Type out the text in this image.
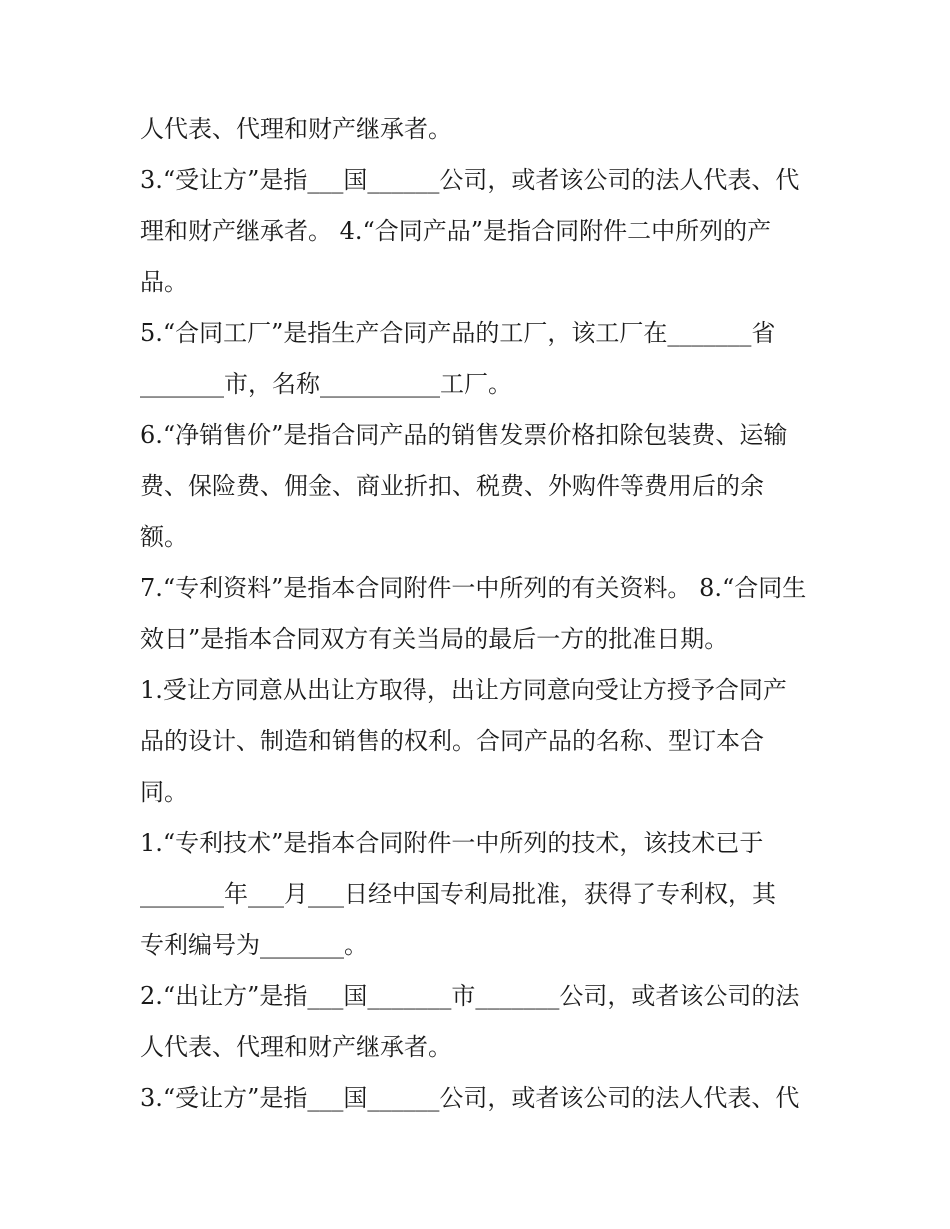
人代表、代理和财产继承者。
3.“受让方”是指___国______公司，或者该公司的法人代表、代
理和财产继承者。 4.“合同产品”是指合同附件二中所列的产
品。
5.“合同工厂”是指生产合同产品的工厂，该工厂在_______省
_______市，名称__________工厂。
6.“净销售价”是指合同产品的销售发票价格扣除包装费、运输
费、保险费、佣金、商业折扣、税费、外购件等费用后的余
额。
7.“专利资料”是指本合同附件一中所列的有关资料。 8.“合同生
效日”是指本合同双方有关当局的最后一方的批准日期。
1.受让方同意从出让方取得，出让方同意向受让方授予合同产
品的设计、制造和销售的权利。合同产品的名称、型订本合
同。
1.“专利技术”是指本合同附件一中所列的技术，该技术已于
_______年___月___日经中国专利局批准，获得了专利权，其
专利编号为_______。
2.“出让方”是指___国_______市_______公司，或者该公司的法
人代表、代理和财产继承者。
3.“受让方”是指___国______公司，或者该公司的法人代表、代
